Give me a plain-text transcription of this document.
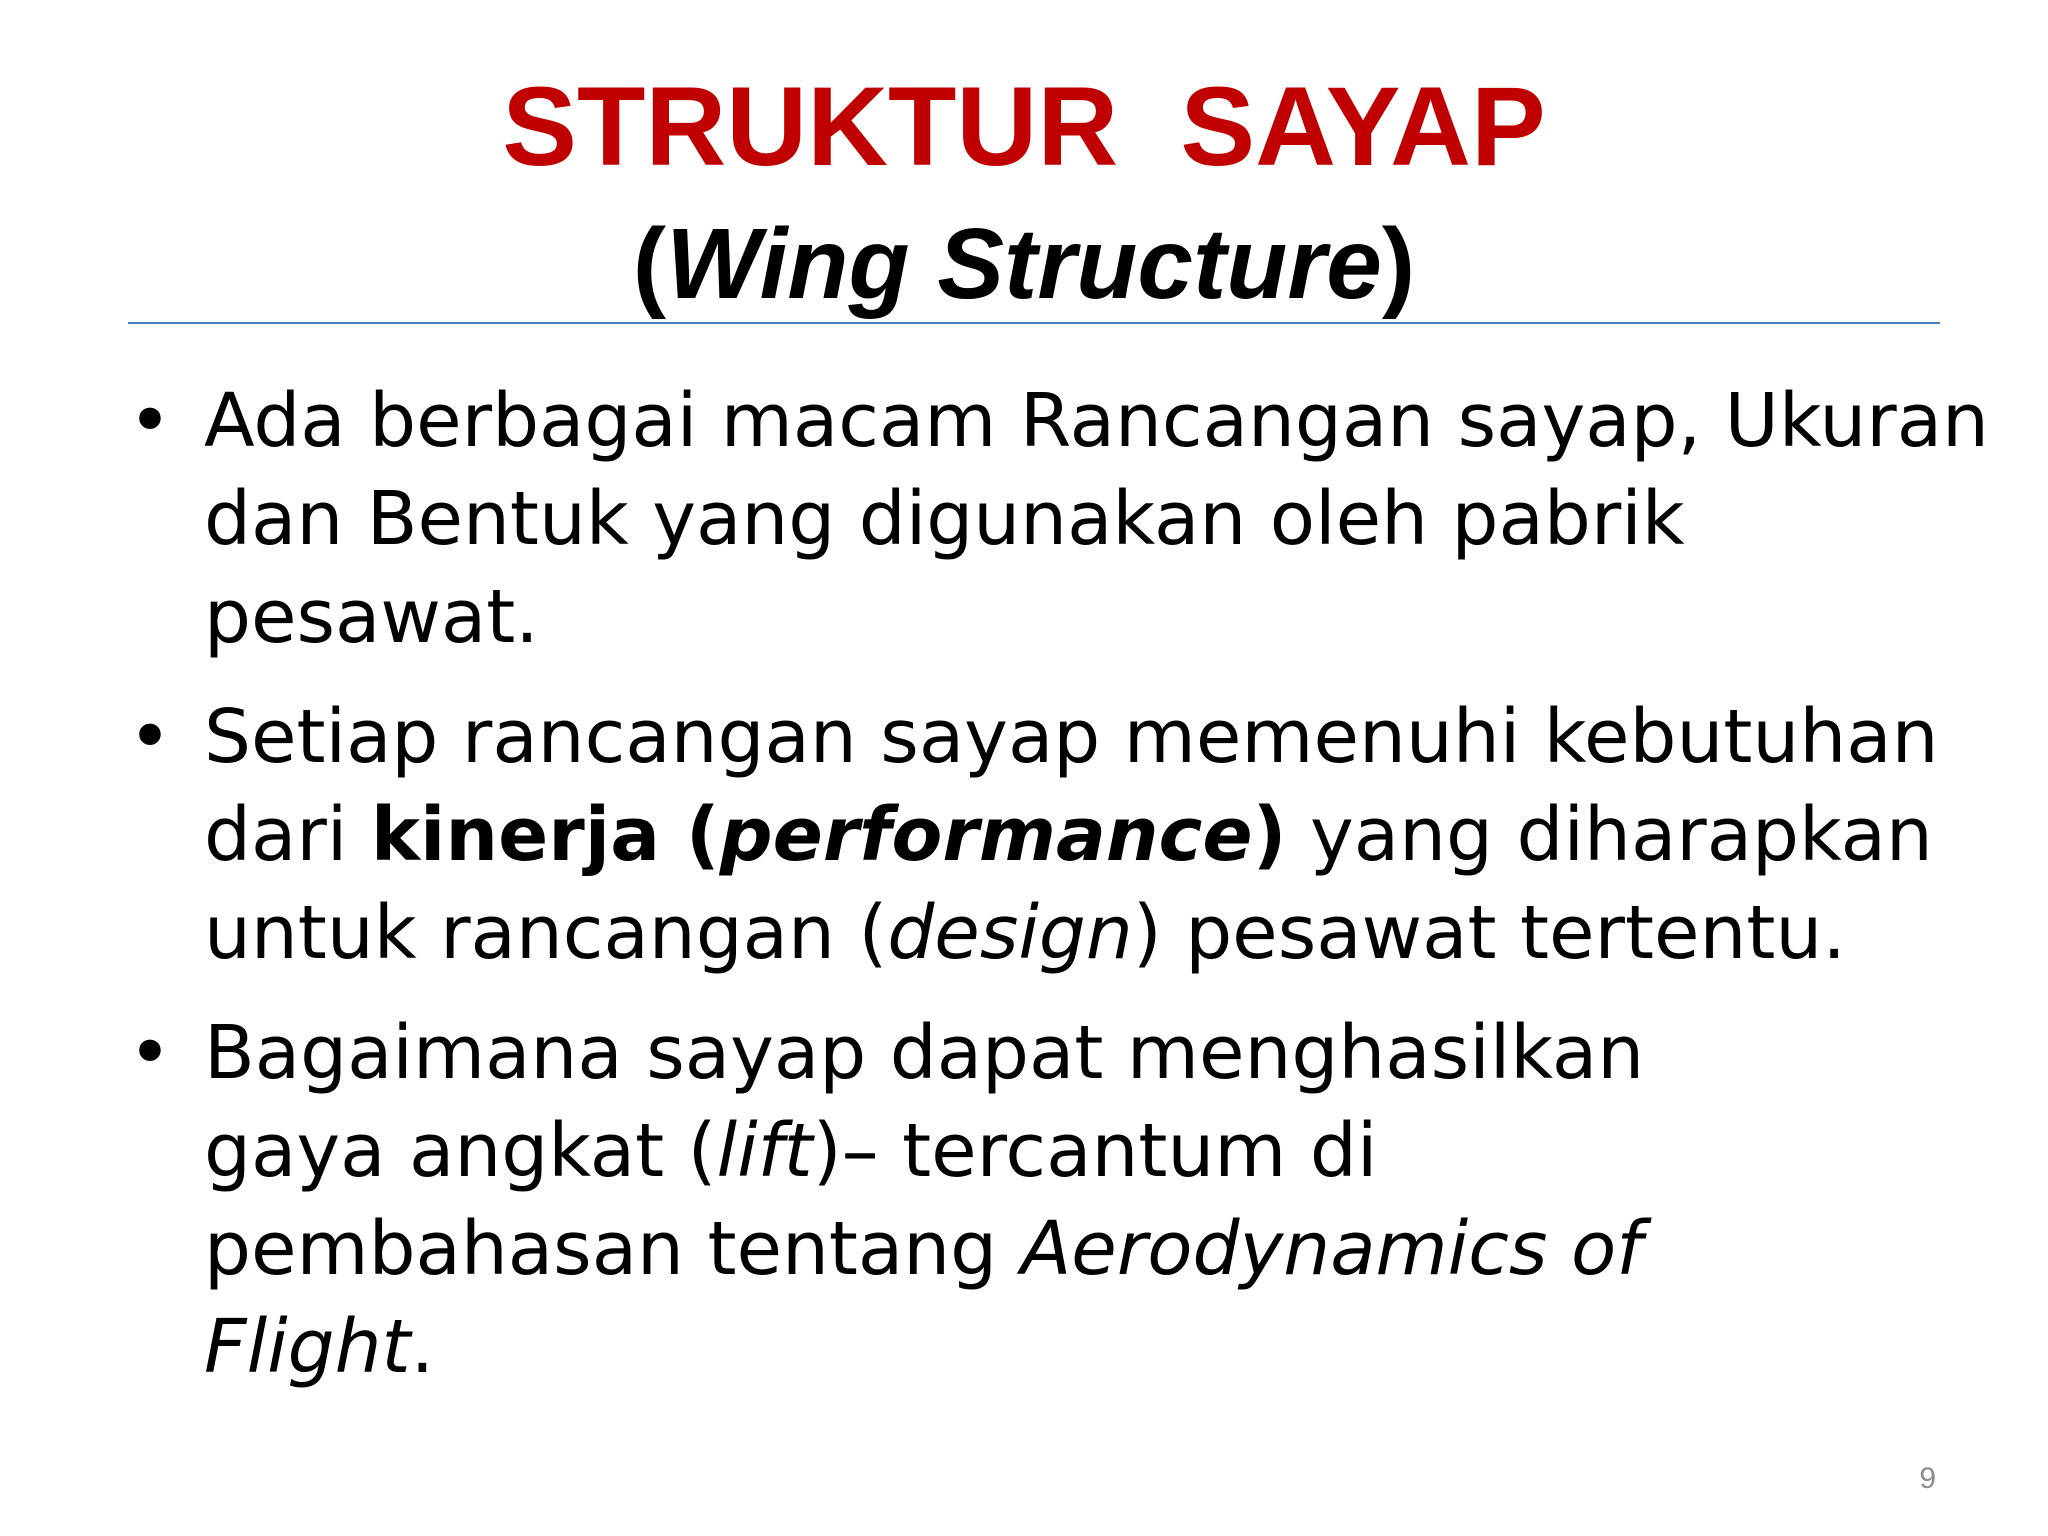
STRUKTUR  SAYAP
(Wing Structure)
• Ada berbagai macam Rancangan sayap, Ukuran
dan Bentuk yang digunakan oleh pabrik
pesawat.
• Setiap rancangan sayap memenuhi kebutuhan
dari kinerja (performance) yang diharapkan
untuk rancangan (design) pesawat tertentu.
• Bagaimana sayap dapat menghasilkan
gaya angkat (lift)– tercantum di
pembahasan tentang Aerodynamics of
Flight.
9
